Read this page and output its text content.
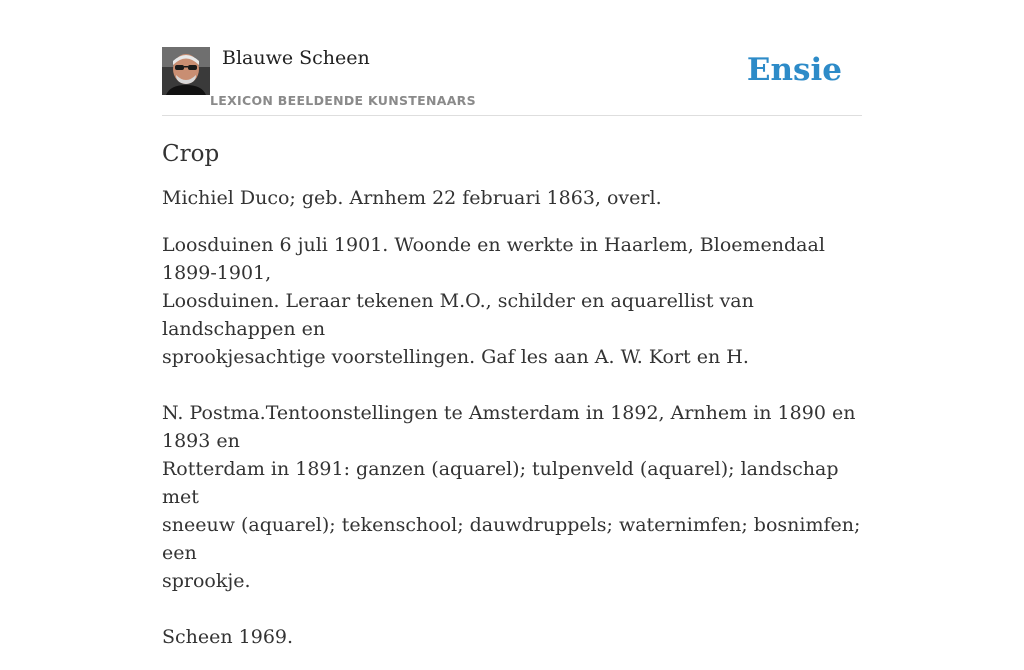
Blauwe Scheen
LEXICON BEELDENDE KUNSTENAARS
Ensie
Crop

Michiel Duco; geb. Arnhem 22 februari 1863, overl.

Loosduinen 6 juli 1901. Woonde en werkte in Haarlem, Bloemendaal 1899-1901,
Loosduinen. Leraar tekenen M.O., schilder en aquarellist van landschappen en
sprookjesachtige voorstellingen. Gaf les aan A. W. Kort en H.

N. Postma.Tentoonstellingen te Amsterdam in 1892, Arnhem in 1890 en 1893 en
Rotterdam in 1891: ganzen (aquarel); tulpenveld (aquarel); landschap met
sneeuw (aquarel); tekenschool; dauwdruppels; waternimfen; bosnimfen; een
sprookje.

Scheen 1969.
